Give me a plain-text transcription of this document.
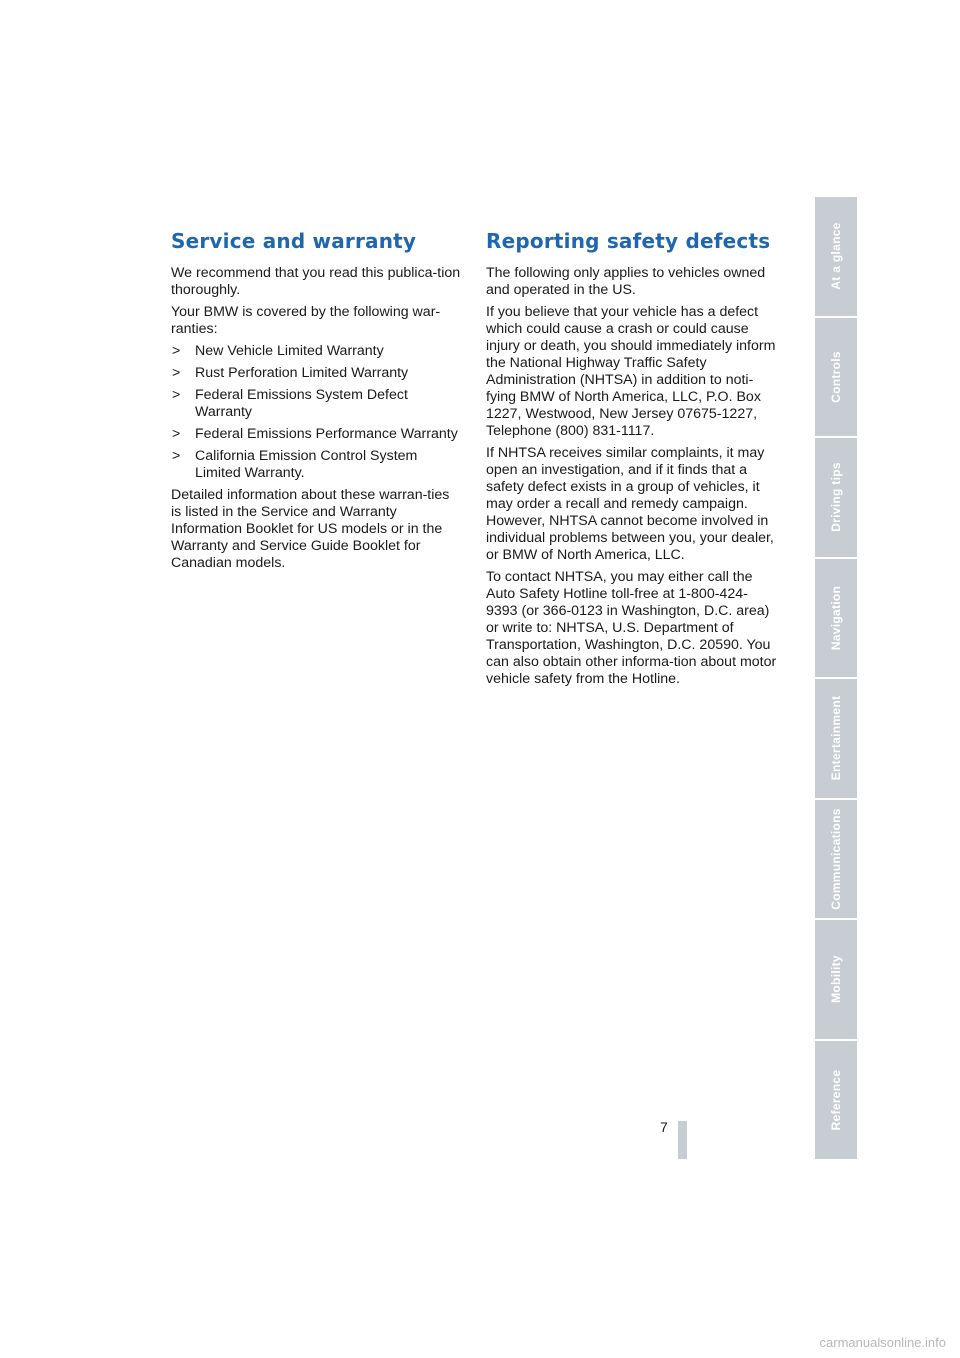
Service and warranty

We recommend that you read this publica-tion thoroughly.

Your BMW is covered by the following war-ranties:

> New Vehicle Limited Warranty
> Rust Perforation Limited Warranty
> Federal Emissions System Defect Warranty
> Federal Emissions Performance Warranty
> California Emission Control System Limited Warranty.

Detailed information about these warran-ties is listed in the Service and Warranty Information Booklet for US models or in the Warranty and Service Guide Booklet for Canadian models.

Reporting safety defects

The following only applies to vehicles owned and operated in the US.

If you believe that your vehicle has a defect which could cause a crash or could cause injury or death, you should immediately inform the National Highway Traffic Safety Administration (NHTSA) in addition to noti-fying BMW of North America, LLC, P.O. Box 1227, Westwood, New Jersey 07675-1227, Telephone (800) 831-1117.

If NHTSA receives similar complaints, it may open an investigation, and if it finds that a safety defect exists in a group of vehicles, it may order a recall and remedy campaign. However, NHTSA cannot become involved in individual problems between you, your dealer, or BMW of North America, LLC.

To contact NHTSA, you may either call the Auto Safety Hotline toll-free at 1-800-424-9393 (or 366-0123 in Washington, D.C. area) or write to: NHTSA, U.S. Department of Transportation, Washington, D.C. 20590. You can also obtain other informa-tion about motor vehicle safety from the Hotline.

At a glance
Controls
Driving tips
Navigation
Entertainment
Communications
Mobility
Reference
7
carmanualsonline.info
